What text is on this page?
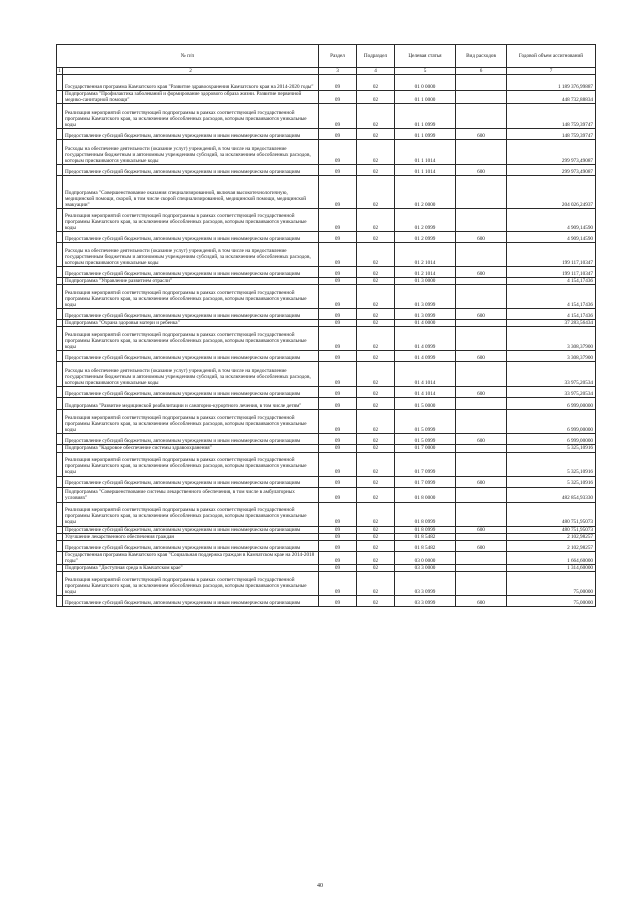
№ п/п		Раздел	Подраздел	Целевая статья	Вид расходов	Годовой объем ассигнований
1	2	3	4	5	6	7
	Государственная программа Камчатского края "Развитие здравоохранения Камчатского края на 2014-2020 годы"	09	02	01 0 0000		1 189 376,99887
	Подпрограмма "Профилактика заболеваний и формирование здорового образа жизни. Развитие первичной медико-санитарной помощи"	09	02	01 1 0000		448 732,88834
	Реализация мероприятий соответствующей подпрограммы в рамках соответствующей государственной программы Камчатского края, за исключением обособленных расходов, которым присваиваются уникальные коды	09	02	01 1 0999		148 759,39747
	Предоставление субсидий бюджетным, автономным учреждениям и иным некоммерческим организациям	09	02	01 1 0999	600	148 759,39747
	Расходы на обеспечение деятельности (оказание услуг) учреждений, в том числе на предоставление государственным бюджетным и автономным учреждениям субсидий, за исключением обособленных расходов, которым присваиваются уникальные коды	09	02	01 1 1014		299 973,49087
	Предоставление субсидий бюджетным, автономным учреждениям и иным некоммерческим организациям	09	02	01 1 1014	600	299 973,49087
	Подпрограмма "Совершенствование оказания специализированной, включая высокотехнологичную, медицинской помощи, скорой, в том числе скорой специализированной, медицинской помощи, медицинской эвакуации"	09	02	01 2 0000		204 026,24937
	Реализация мероприятий соответствующей подпрограммы в рамках соответствующей государственной программы Камчатского края, за исключением обособленных расходов, которым присваиваются уникальные коды	09	02	01 2 0999		4 909,14590
	Предоставление субсидий бюджетным, автономным учреждениям и иным некоммерческим организациям	09	02	01 2 0999	600	4 909,14590
	Расходы на обеспечение деятельности (оказание услуг) учреждений, в том числе на предоставление государственным бюджетным и автономным учреждениям субсидий, за исключением обособленных расходов, которым присваиваются уникальные коды	09	02	01 2 1014		199 117,10347
	Предоставление субсидий бюджетным, автономным учреждениям и иным некоммерческим организациям	09	02	01 2 1014	600	199 117,10347
	Подпрограмма "Управление развитием отрасли"	09	02	01 3 0000		4 154,17436
	Реализация мероприятий соответствующей подпрограммы в рамках соответствующей государственной программы Камчатского края, за исключением обособленных расходов, которым присваиваются уникальные коды	09	02	01 3 0999		4 154,17436
	Предоставление субсидий бюджетным, автономным учреждениям и иным некоммерческим организациям	09	02	01 3 0999	600	4 154,17436
	Подпрограмма "Охрана здоровья матери и ребенка"	09	02	01 4 0000		37 283,56434
	Реализация мероприятий соответствующей подпрограммы в рамках соответствующей государственной программы Камчатского края, за исключением обособленных расходов, которым присваиваются уникальные коды	09	02	01 4 0999		3 308,37900
	Предоставление субсидий бюджетным, автономным учреждениям и иным некоммерческим организациям	09	02	01 4 0999	600	3 308,37900
	Расходы на обеспечение деятельности (оказание услуг) учреждений, в том числе на предоставление государственным бюджетным и автономным учреждениям субсидий, за исключением обособленных расходов, которым присваиваются уникальные коды	09	02	01 4 1014		33 975,20534
	Предоставление субсидий бюджетным, автономным учреждениям и иным некоммерческим организациям	09	02	01 4 1014	600	33 975,20534
	Подпрограмма "Развитие медицинской реабилитации и санаторно-курортного лечения, в том числе детям"	09	02	01 5 0000		6 999,00000
	Реализация мероприятий соответствующей подпрограммы в рамках соответствующей государственной программы Камчатского края, за исключением обособленных расходов, которым присваиваются уникальные коды	09	02	01 5 0999		6 999,00000
	Предоставление субсидий бюджетным, автономным учреждениям и иным некоммерческим организациям	09	02	01 5 0999	600	6 999,00000
	Подпрограмма "Кадровое обеспечение системы здравоохранения"	09	02	01 7 0000		5 325,10916
	Реализация мероприятий соответствующей подпрограммы в рамках соответствующей государственной программы Камчатского края, за исключением обособленных расходов, которым присваиваются уникальные коды	09	02	01 7 0999		5 325,10916
	Предоставление субсидий бюджетным, автономным учреждениям и иным некоммерческим организациям	09	02	01 7 0999	600	5 325,10916
	Подпрограмма "Совершенствование системы лекарственного обеспечения, в том числе в амбулаторных условиях"	09	02	01 8 0000		482 854,93330
	Реализация мероприятий соответствующей подпрограммы в рамках соответствующей государственной программы Камчатского края, за исключением обособленных расходов, которым присваиваются уникальные коды	09	02	01 8 0999		480 751,95073
	Предоставление субсидий бюджетным, автономным учреждениям и иным некоммерческим организациям	09	02	01 8 0999	600	480 751,95073
	Улучшение лекарственного обеспечения граждан	09	02	01 8 5482		2 102,98257
	Предоставление субсидий бюджетным, автономным учреждениям и иным некоммерческим организациям	09	02	01 8 5482	600	2 102,98257
	Государственная программа Камчатского края "Социальная поддержка граждан в Камчатском крае на 2014-2018 годы"	09	02	03 0 0000		1 664,60000
	Подпрограмма "Доступная среда в Камчатском крае"	09	02	03 3 0000		1 314,60000
	Реализация мероприятий соответствующей подпрограммы в рамках соответствующей государственной программы Камчатского края, за исключением обособленных расходов, которым присваиваются уникальные коды	09	02	03 3 0999		75,00000
	Предоставление субсидий бюджетным, автономным учреждениям и иным некоммерческим организациям	09	02	03 3 0999	600	75,00000
40
